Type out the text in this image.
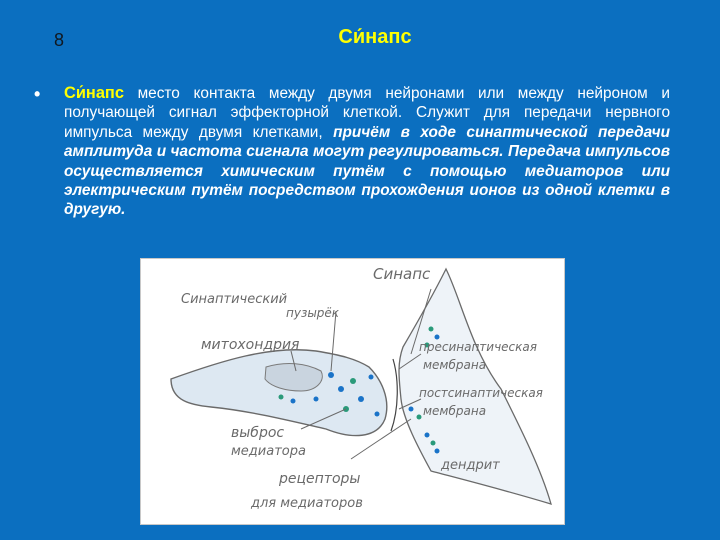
8	Си́напс
• Си́напс место контакта между двумя нейронами или между нейроном и получающей сигнал эффекторной клеткой. Служит для передачи нервного импульса между двумя клетками, причём в ходе синаптической передачи амплитуда и частота сигнала могут регулироваться. Передача импульсов осуществляется химическим путём с помощью медиаторов или электрическим путём посредством прохождения ионов из одной клетки в другую.

Синапс
Синаптический
пузырёк
митохондрия	пресинаптическая
мембрана
постсинаптическая
мембрана
выброс
медиатора
рецепторы
для медиаторов
дендрит
